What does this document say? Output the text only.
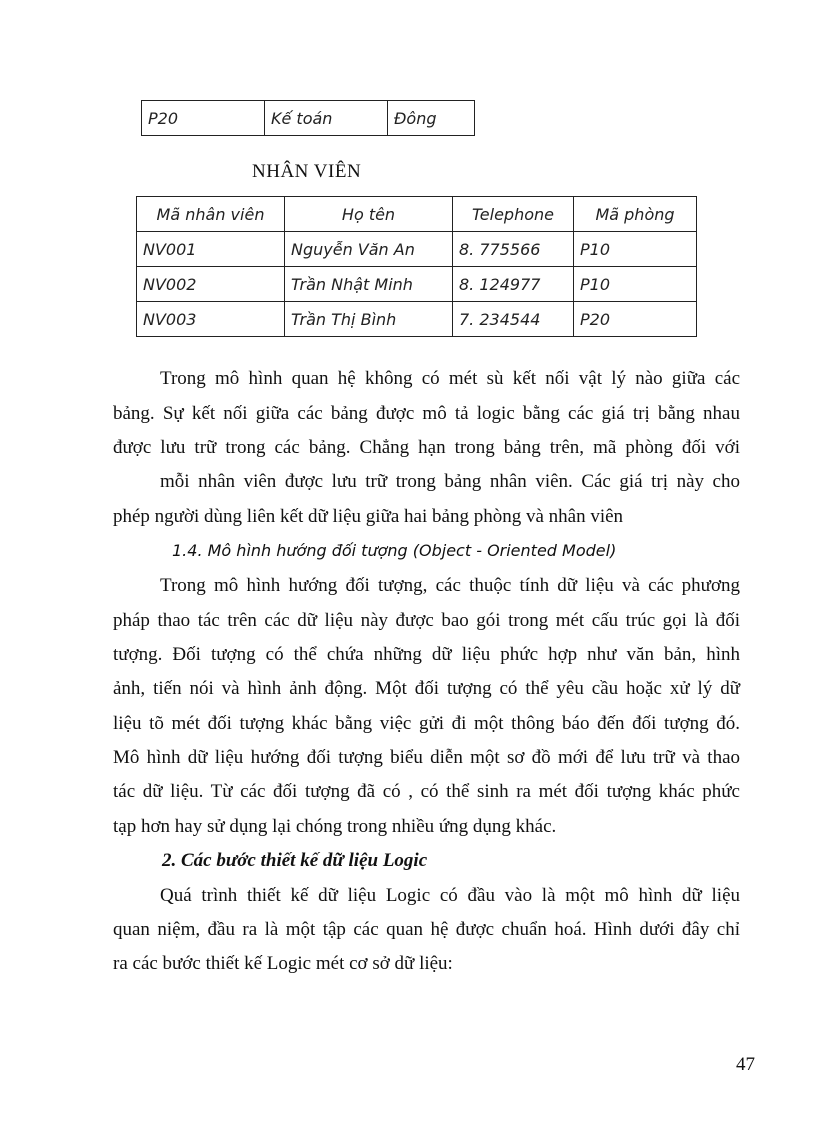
P20	Kế toán	Đông
NHÂN VIÊN
Mã nhân viên	Họ tên	Telephone	Mã phòng
NV001	Nguyễn Văn An	8. 775566	P10
NV002	Trần Nhật Minh	8. 124977	P10
NV003	Trần Thị Bình	7. 234544	P20
Trong mô hình quan hệ không có mét sù kết nối vật lý nào giữa các
bảng. Sự kết nối giữa các bảng được mô tả logic bằng các giá trị bằng nhau
được lưu trữ trong các bảng. Chẳng hạn trong bảng trên, mã phòng đối với
mỗi nhân viên được lưu trữ trong bảng nhân viên. Các giá trị này cho
phép người dùng liên kết dữ liệu giữa hai bảng phòng và nhân viên
1.4. Mô hình hướng đối tượng (Object - Oriented Model)
Trong mô hình hướng đối tượng, các thuộc tính dữ liệu và các phương
pháp thao tác trên các dữ liệu này được bao gói trong mét cấu trúc gọi là đối
tượng. Đối tượng có thể chứa những dữ liệu phức hợp như văn bản, hình
ảnh, tiến nói và hình ảnh động. Một đối tượng có thể yêu cầu hoặc xử lý dữ
liệu tõ mét đối tượng khác bằng việc gửi đi một thông báo đến đối tượng đó.
Mô hình dữ liệu hướng đối tượng biểu diễn một sơ đồ mới để lưu trữ và thao
tác dữ liệu. Từ các đối tượng đã có , có thể sinh ra mét đối tượng khác phức
tạp hơn hay sử dụng lại chóng trong nhiều ứng dụng khác.
2. Các bước thiết kế dữ liệu Logic
Quá trình thiết kế dữ liệu Logic có đầu vào là một mô hình dữ liệu
quan niệm, đầu ra là một tập các quan hệ được chuẩn hoá. Hình dưới đây chỉ
ra các bước thiết kế Logic mét cơ sở dữ liệu:
47
